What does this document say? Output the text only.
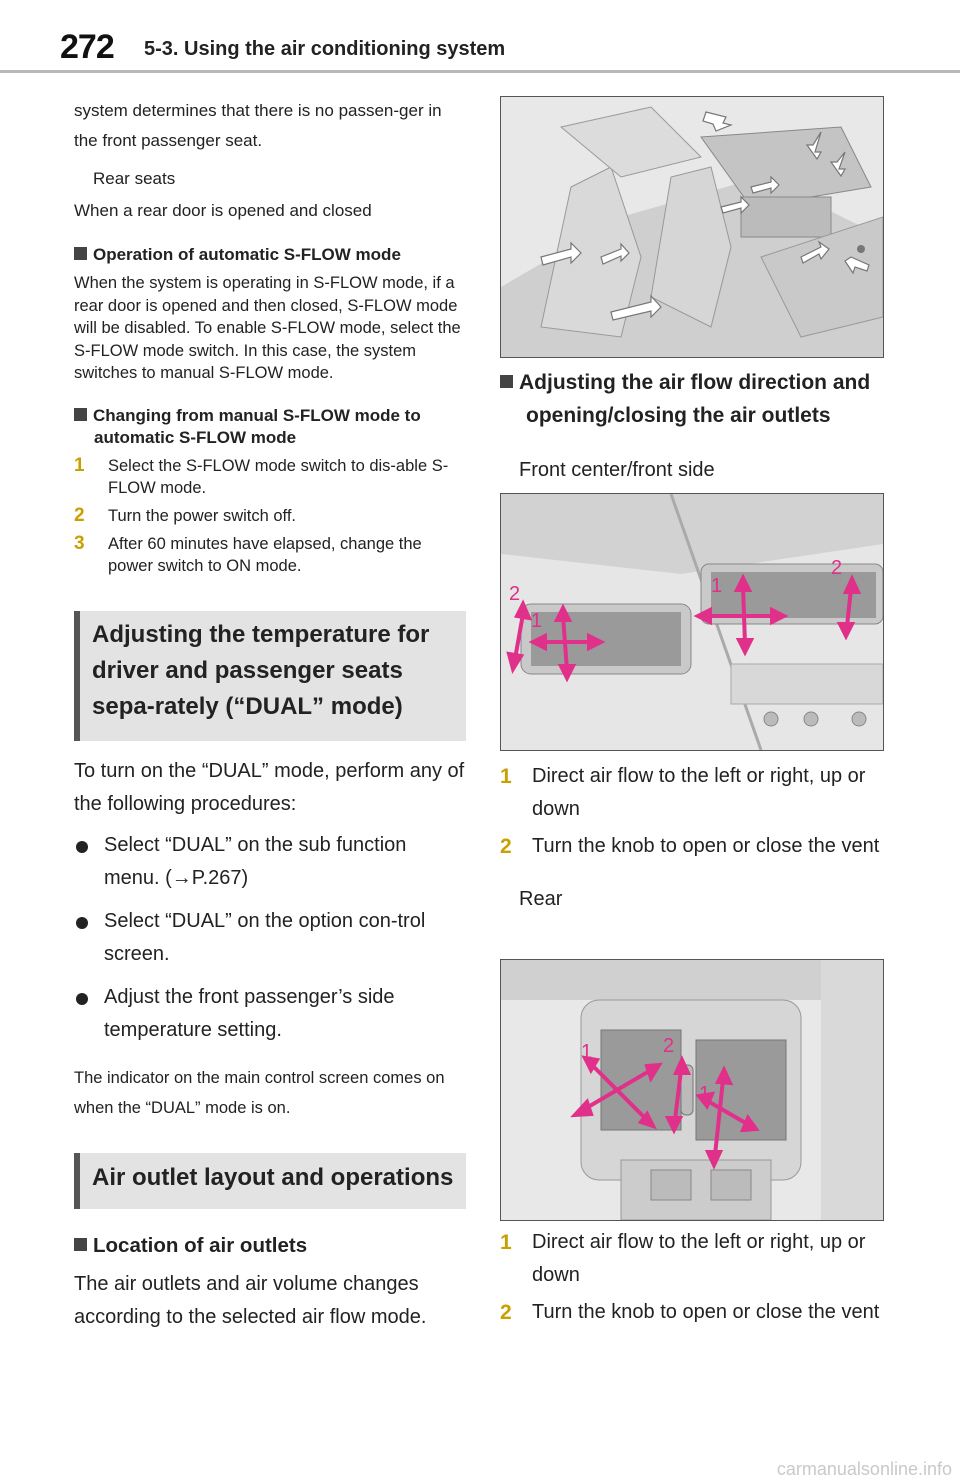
272 5-3. Using the air conditioning system

system determines that there is no passen-ger in the front passenger seat.

Rear seats

When a rear door is opened and closed

Operation of automatic S-FLOW mode

When the system is operating in S-FLOW mode, if a rear door is opened and then closed, S-FLOW mode will be disabled. To enable S-FLOW mode, select the S-FLOW mode switch. In this case, the system switches to manual S-FLOW mode.

Changing from manual S-FLOW mode to automatic S-FLOW mode

1 Select the S-FLOW mode switch to dis-able S-FLOW mode.
2 Turn the power switch off.
3 After 60 minutes have elapsed, change the power switch to ON mode.
Adjusting the temperature for driver and passenger seats sepa-rately (“DUAL” mode)

To turn on the “DUAL” mode, perform any of the following procedures:

Select “DUAL” on the sub function menu. (→P.267)
Select “DUAL” on the option con-trol screen.
Adjust the front passenger’s side temperature setting.

The indicator on the main control screen comes on when the “DUAL” mode is on.

Air outlet layout and operations

Location of air outlets

The air outlets and air volume changes according to the selected air flow mode.

Adjusting the air flow direction and opening/closing the air outlets

Front center/front side

2
1
1
2
1 Direct air flow to the left or right, up or down
2 Turn the knob to open or close the vent

Rear

1	2
1
1 Direct air flow to the left or right, up or down
2 Turn the knob to open or close the vent
carmanualsonline.info
